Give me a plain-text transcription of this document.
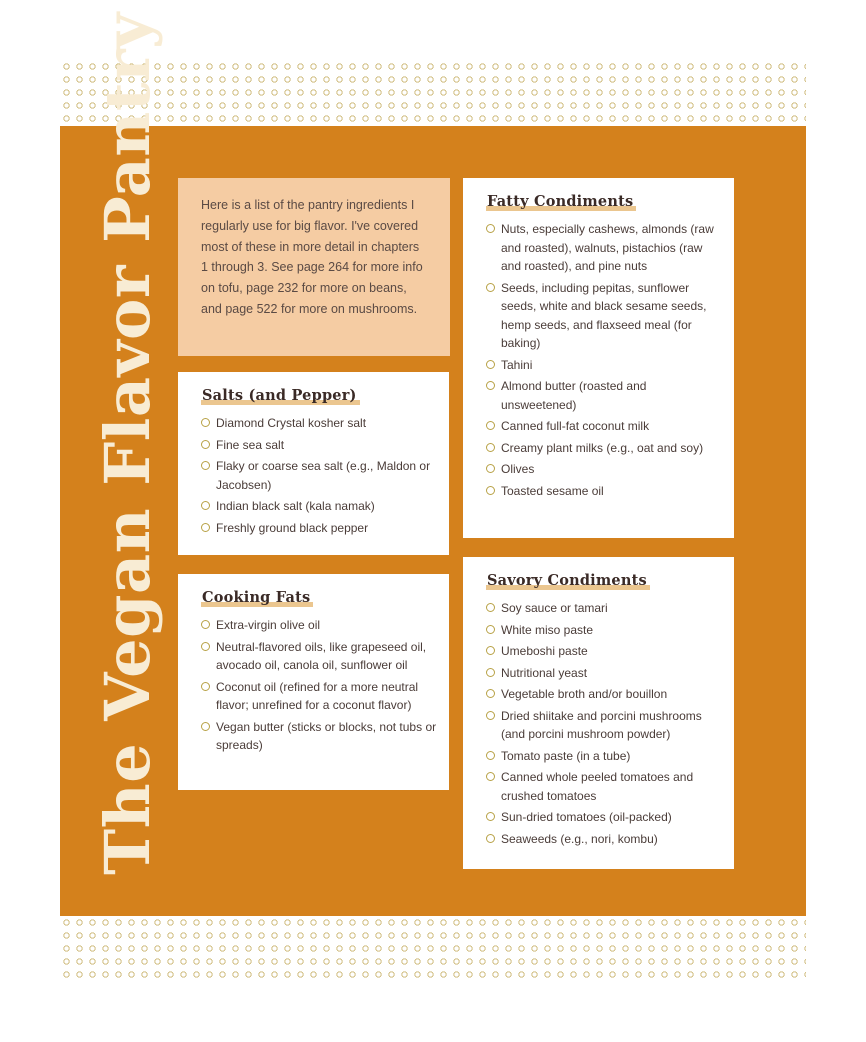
The Vegan Flavor Pantry	Here is a list of the pantry ingredients I regularly use for big flavor. I've covered most of these in more detail in chapters 1 through 3. See page 264 for more info on tofu, page 232 for more on beans, and page 522 for more on mushrooms.

Salts (and Pepper)
Diamond Crystal kosher salt
Fine sea salt
Flaky or coarse sea salt (e.g., Maldon or Jacobsen)
Indian black salt (kala namak)
Freshly ground black pepper
Cooking Fats
Extra-virgin olive oil
Neutral-flavored oils, like grapeseed oil, avocado oil, canola oil, sunflower oil
Coconut oil (refined for a more neutral flavor; unrefined for a coconut flavor)
Vegan butter (sticks or blocks, not tubs or spreads)
Fatty Condiments
Nuts, especially cashews, almonds (raw and roasted), walnuts, pistachios (raw and roasted), and pine nuts
Seeds, including pepitas, sunflower seeds, white and black sesame seeds, hemp seeds, and flaxseed meal (for baking)
Tahini
Almond butter (roasted and unsweetened)
Canned full-fat coconut milk
Creamy plant milks (e.g., oat and soy)
Olives
Toasted sesame oil
Savory Condiments
Soy sauce or tamari
White miso paste
Umeboshi paste
Nutritional yeast
Vegetable broth and/or bouillon
Dried shiitake and porcini mushrooms (and porcini mushroom powder)
Tomato paste (in a tube)
Canned whole peeled tomatoes and crushed tomatoes
Sun-dried tomatoes (oil-packed)
Seaweeds (e.g., nori, kombu)
